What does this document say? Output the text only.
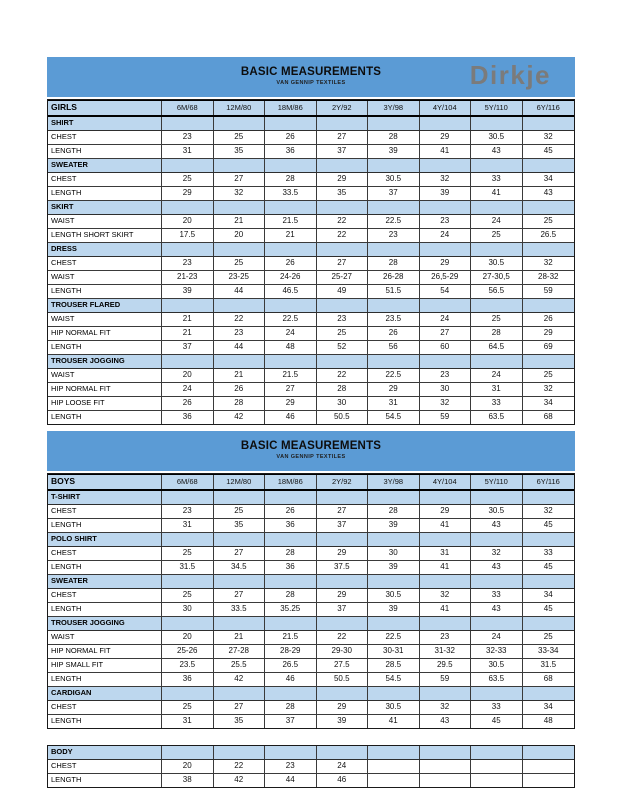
BASIC MEASUREMENTS
VAN GENNIP TEXTILES	Dirkje
GIRLS	6M/68	12M/80	18M/86	2Y/92	3Y/98	4Y/104	5Y/110	6Y/116
SHIRT
CHEST	23	25	26	27	28	29	30.5	32
LENGTH	31	35	36	37	39	41	43	45
SWEATER
CHEST	25	27	28	29	30.5	32	33	34
LENGTH	29	32	33.5	35	37	39	41	43
SKIRT
WAIST	20	21	21.5	22	22.5	23	24	25
LENGTH SHORT SKIRT	17.5	20	21	22	23	24	25	26.5
DRESS
CHEST	23	25	26	27	28	29	30.5	32
WAIST	21-23	23-25	24-26	25-27	26-28	26,5-29	27-30,5	28-32
LENGTH	39	44	46.5	49	51.5	54	56.5	59
TROUSER FLARED
WAIST	21	22	22.5	23	23.5	24	25	26
HIP NORMAL FIT	21	23	24	25	26	27	28	29
LENGTH	37	44	48	52	56	60	64.5	69
TROUSER JOGGING
WAIST	20	21	21.5	22	22.5	23	24	25
HIP NORMAL FIT	24	26	27	28	29	30	31	32
HIP LOOSE FIT	26	28	29	30	31	32	33	34
LENGTH	36	42	46	50.5	54.5	59	63.5	68
BASIC MEASUREMENTS
VAN GENNIP TEXTILES
BOYS	6M/68	12M/80	18M/86	2Y/92	3Y/98	4Y/104	5Y/110	6Y/116
T-SHIRT
CHEST	23	25	26	27	28	29	30.5	32
LENGTH	31	35	36	37	39	41	43	45
POLO SHIRT
CHEST	25	27	28	29	30	31	32	33
LENGTH	31.5	34.5	36	37.5	39	41	43	45
SWEATER
CHEST	25	27	28	29	30.5	32	33	34
LENGTH	30	33.5	35.25	37	39	41	43	45
TROUSER JOGGING
WAIST	20	21	21.5	22	22.5	23	24	25
HIP NORMAL FIT	25-26	27-28	28-29	29-30	30-31	31-32	32-33	33-34
HIP SMALL FIT	23.5	25.5	26.5	27.5	28.5	29.5	30.5	31.5
LENGTH	36	42	46	50.5	54.5	59	63.5	68
CARDIGAN
CHEST	25	27	28	29	30.5	32	33	34
LENGTH	31	35	37	39	41	43	45	48
BODY
CHEST	20	22	23	24
LENGTH	38	42	44	46
